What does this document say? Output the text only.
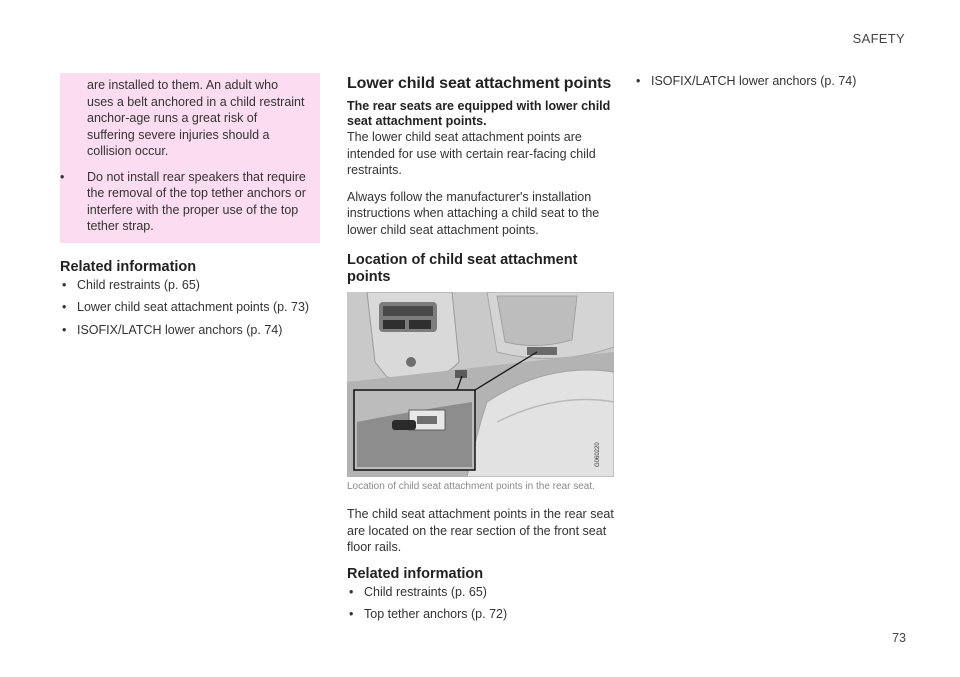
SAFETY

are installed to them. An adult who uses a belt anchored in a child restraint anchor-age runs a great risk of suffering severe injuries should a collision occur.

• Do not install rear speakers that require the removal of the top tether anchors or interfere with the proper use of the top tether strap.
Related information
• Child restraints (p. 65)
• Lower child seat attachment points (p. 73)
• ISOFIX/LATCH lower anchors (p. 74)
Lower child seat attachment points

The rear seats are equipped with lower child seat attachment points.

The lower child seat attachment points are intended for use with certain rear-facing child restraints.

Always follow the manufacturer's installation instructions when attaching a child seat to the lower child seat attachment points.

Location of child seat attachment points
G060220

Location of child seat attachment points in the rear seat.

The child seat attachment points in the rear seat are located on the rear section of the front seat floor rails.

Related information
• Child restraints (p. 65)
• Top tether anchors (p. 72)
• ISOFIX/LATCH lower anchors (p. 74)
73
